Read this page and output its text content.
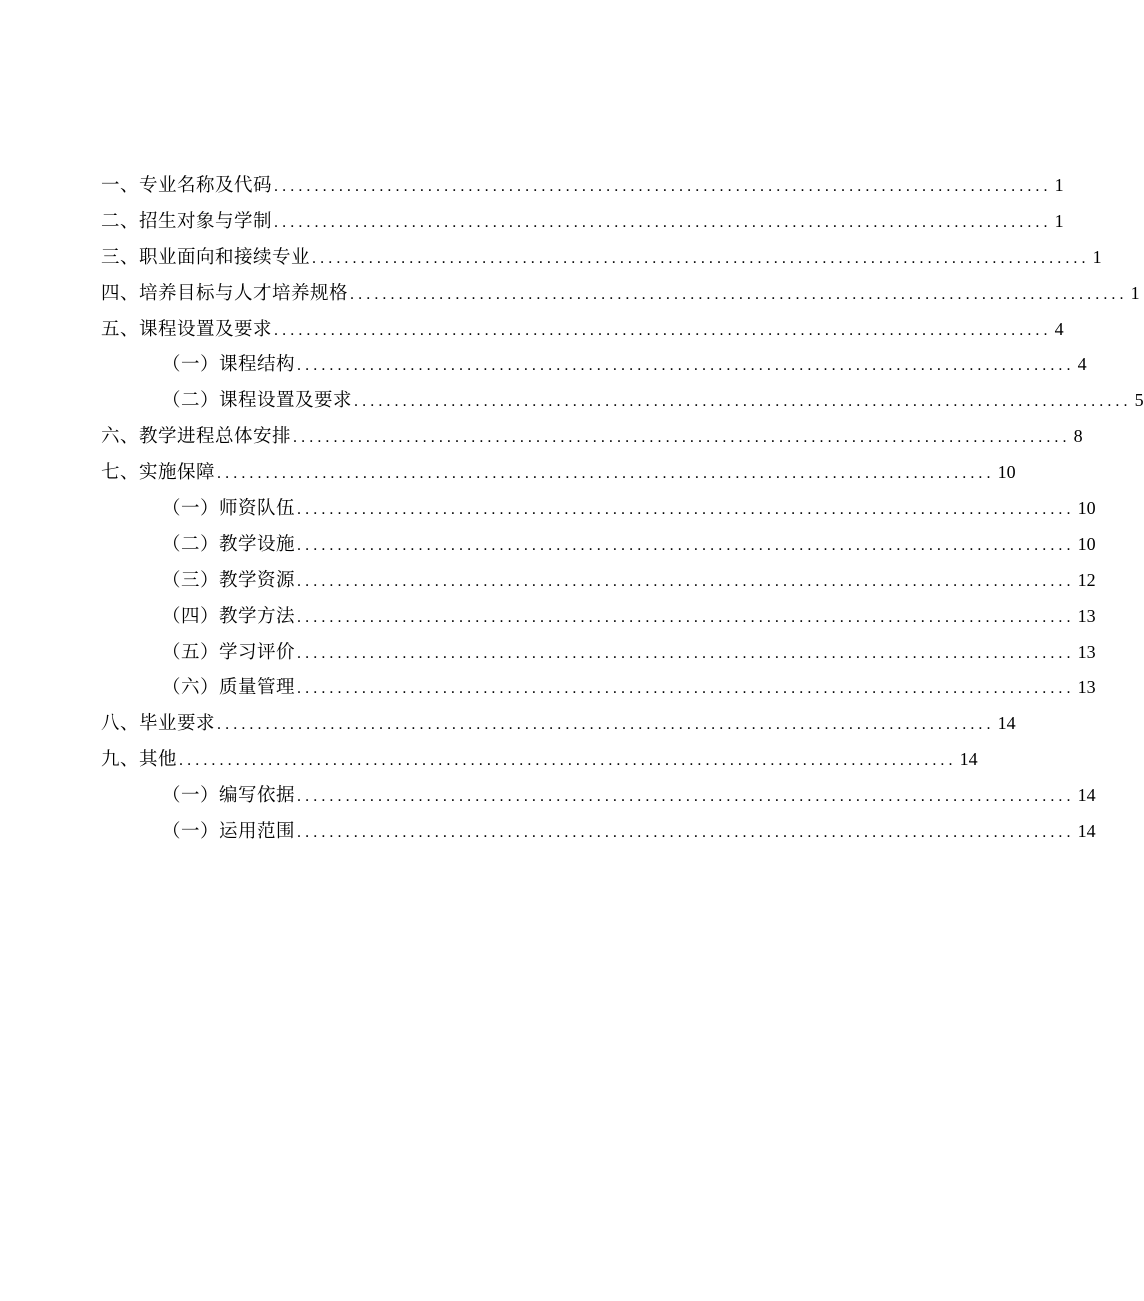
一、专业名称及代码 ................................................................................................ 1
二、招生对象与学制 ................................................................................................ 1
三、职业面向和接续专业 ................................................................................................ 1
四、培养目标与人才培养规格 ................................................................................................ 1
五、课程设置及要求 ................................................................................................ 4
（一）课程结构 ................................................................................................ 4
（二）课程设置及要求 ................................................................................................ 5
六、教学进程总体安排 ................................................................................................ 8
七、实施保障 ................................................................................................ 10
（一）师资队伍 ................................................................................................ 10
（二）教学设施 ................................................................................................ 10
（三）教学资源 ................................................................................................ 12
（四）教学方法 ................................................................................................ 13
（五）学习评价 ................................................................................................ 13
（六）质量管理 ................................................................................................ 13
八、毕业要求 ................................................................................................ 14
九、其他 ................................................................................................ 14
（一）编写依据 ................................................................................................ 14
（一）运用范围 ................................................................................................ 14
